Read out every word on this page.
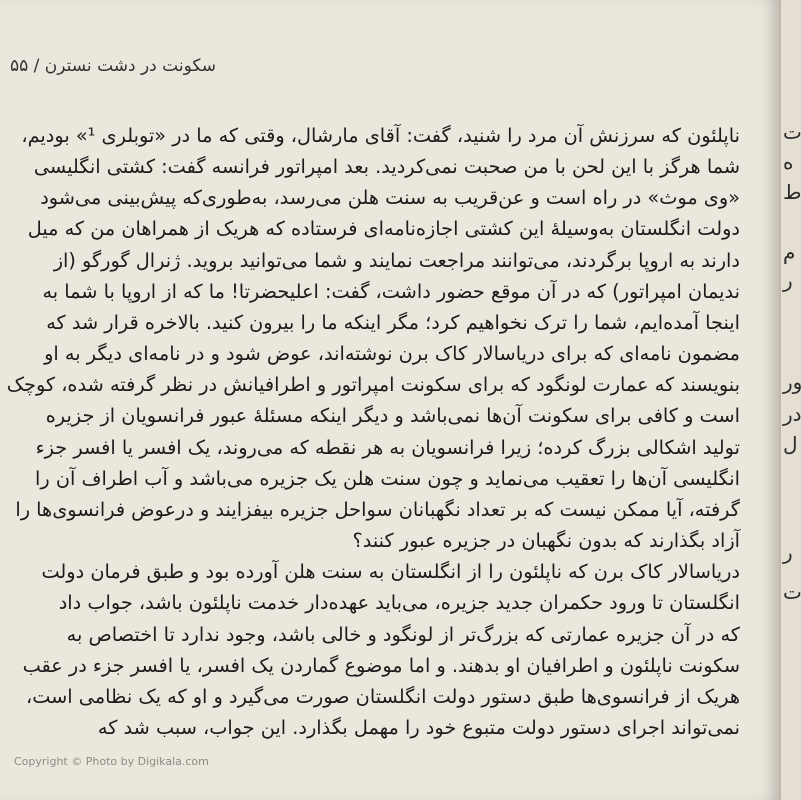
سکونت در دشت نسترن / ۵۵
ناپلئون که سرزنش آن مرد را شنید، گفت: آقای مارشال، وقتی که ما در «توبلری ¹» بودیم،
شما هرگز با این لحن با من صحبت نمی‌کردید. بعد امپراتور فرانسه گفت: کشتی انگلیسی
«وی موث» در راه است و عن‌قریب به سنت هلن می‌رسد، به‌طوری‌که پیش‌بینی می‌شود
دولت انگلستان به‌وسیلهٔ این کشتی اجازه‌نامه‌ای فرستاده که هریک از همراهان من که میل
دارند به اروپا برگردند، می‌توانند مراجعت نمایند و شما می‌توانید بروید. ژنرال گورگو (از
ندیمان امپراتور) که در آن موقع حضور داشت، گفت: اعلیحضرتا! ما که از اروپا با شما به
اینجا آمده‌ایم، شما را ترک نخواهیم کرد؛ مگر اینکه ما را بیرون کنید. بالاخره قرار شد که
مضمون نامه‌ای که برای دریاسالار کاک برن نوشته‌اند، عوض شود و در نامه‌ای دیگر به او
بنویسند که عمارت لونگود که برای سکونت امپراتور و اطرافیانش در نظر گرفته شده، کوچک
است و کافی برای سکونت آن‌ها نمی‌باشد و دیگر اینکه مسئلهٔ عبور فرانسویان از جزیره
تولید اشکالی بزرگ کرده؛ زیرا فرانسویان به هر نقطه که می‌روند، یک افسر یا افسر جزء
انگلیسی آن‌ها را تعقیب می‌نماید و چون سنت هلن یک جزیره می‌باشد و آب اطراف آن را
گرفته، آیا ممکن نیست که بر تعداد نگهبانان سواحل جزیره بیفزایند و درعوض فرانسوی‌ها را
آزاد بگذارند که بدون نگهبان در جزیره عبور کنند؟
دریاسالار کاک برن که ناپلئون را از انگلستان به سنت هلن آورده بود و طبق فرمان دولت
انگلستان تا ورود حکمران جدید جزیره، می‌باید عهده‌دار خدمت ناپلئون باشد، جواب داد
که در آن جزیره عمارتی که بزرگ‌تر از لونگود و خالی باشد، وجود ندارد تا اختصاص به
سکونت ناپلئون و اطرافیان او بدهند. و اما موضوع گماردن یک افسر، یا افسر جزء در عقب
هریک از فرانسوی‌ها طبق دستور دولت انگلستان صورت می‌گیرد و او که یک نظامی است،
نمی‌تواند اجرای دستور دولت متبوع خود را مهمل بگذارد. این جواب، سبب شد که
Copyright © Photo by Digikala.com
ت
ه
ط
م
ر
ور
در
ل
ر
ت
